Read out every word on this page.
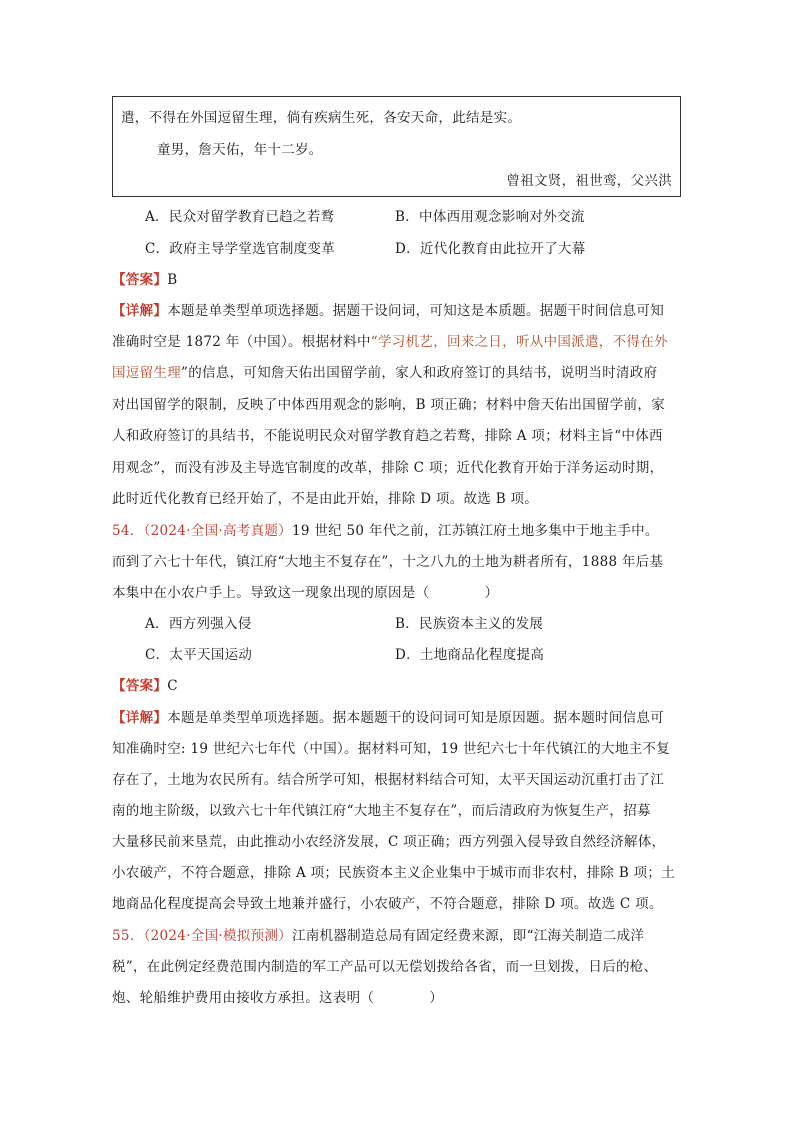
遣，不得在外国逗留生理，倘有疾病生死，各安天命，此结是实。
童男，詹天佑，年十二岁。
曾祖文贤，祖世鸾，父兴洪
A．民众对留学教育已趋之若鹜	B．中体西用观念影响对外交流
C．政府主导学堂选官制度变革	D．近代化教育由此拉开了大幕
【答案】B
【详解】本题是单类型单项选择题。据题干设问词，可知这是本质题。据题干时间信息可知
准确时空是 1872 年（中国）。根据材料中“学习机艺，回来之日，听从中国派遣，不得在外
国逗留生理”的信息，可知詹天佑出国留学前，家人和政府签订的具结书，说明当时清政府
对出国留学的限制，反映了中体西用观念的影响，B 项正确；材料中詹天佑出国留学前，家
人和政府签订的具结书，不能说明民众对留学教育趋之若鹜，排除 A 项；材料主旨“中体西
用观念”，而没有涉及主导选官制度的改革，排除 C 项；近代化教育开始于洋务运动时期，
此时近代化教育已经开始了，不是由此开始，排除 D 项。故选 B 项。
54．（2024·全国·高考真题）19 世纪 50 年代之前，江苏镇江府土地多集中于地主手中。
而到了六七十年代，镇江府“大地主不复存在”，十之八九的土地为耕者所有，1888 年后基
本集中在小农户手上。导致这一现象出现的原因是（　　　　）
A．西方列强入侵	B．民族资本主义的发展
C．太平天国运动	D．土地商品化程度提高
【答案】C
【详解】本题是单类型单项选择题。据本题题干的设问词可知是原因题。据本题时间信息可
知准确时空: 19 世纪六七年代（中国）。据材料可知，19 世纪六七十年代镇江的大地主不复
存在了，土地为农民所有。结合所学可知，根据材料结合可知，太平天国运动沉重打击了江
南的地主阶级，以致六七十年代镇江府“大地主不复存在”，而后清政府为恢复生产，招募
大量移民前来垦荒，由此推动小农经济发展，C 项正确；西方列强入侵导致自然经济解体，
小农破产，不符合题意，排除 A 项；民族资本主义企业集中于城市而非农村，排除 B 项；土
地商品化程度提高会导致土地兼并盛行，小农破产，不符合题意，排除 D 项。故选 C 项。
55．（2024·全国·模拟预测）江南机器制造总局有固定经费来源，即“江海关制造二成洋
税”，在此例定经费范围内制造的军工产品可以无偿划拨给各省，而一旦划拨，日后的枪、
炮、轮船维护费用由接收方承担。这表明（　　　　）
